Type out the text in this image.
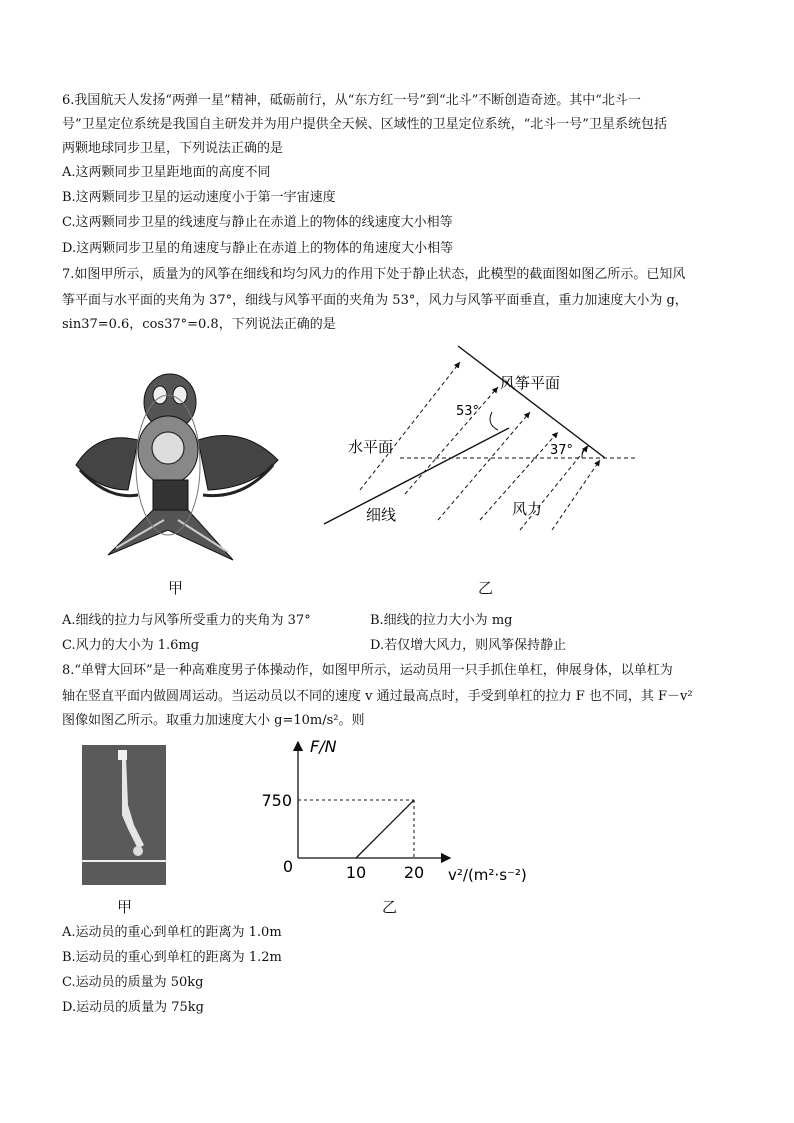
6.我国航天人发扬“两弹一星”精神，砥砺前行，从“东方红一号”到“北斗”不断创造奇迹。其中“北斗一
号”卫星定位系统是我国自主研发并为用户提供全天候、区域性的卫星定位系统，“北斗一号”卫星系统包括
两颗地球同步卫星，下列说法正确的是
A.这两颗同步卫星距地面的高度不同
B.这两颗同步卫星的运动速度小于第一宇宙速度
C.这两颗同步卫星的线速度与静止在赤道上的物体的线速度大小相等
D.这两颗同步卫星的角速度与静止在赤道上的物体的角速度大小相等
7.如图甲所示，质量为的风筝在细线和均匀风力的作用下处于静止状态，此模型的截面图如图乙所示。已知风
筝平面与水平面的夹角为 37°，细线与风筝平面的夹角为 53°，风力与风筝平面垂直，重力加速度大小为 g，
sin37=0.6，cos37°=0.8，下列说法正确的是
甲
风筝平面
53°
水平面	37°
细线	风力
乙
A.细线的拉力与风筝所受重力的夹角为 37°	B.细线的拉力大小为 mg
C.风力的大小为 1.6mg	D.若仅增大风力，则风筝保持静止
8.“单臂大回环”是一种高难度男子体操动作，如图甲所示，运动员用一只手抓住单杠，伸展身体，以单杠为
轴在竖直平面内做圆周运动。当运动员以不同的速度 v 通过最高点时，手受到单杠的拉力 F 也不同，其 F－v²
图像如图乙所示。取重力加速度大小 g=10m/s²。则
甲
F/N
v²/(m²·s⁻²)
0	10 20
750
乙
A.运动员的重心到单杠的距离为 1.0m
B.运动员的重心到单杠的距离为 1.2m
C.运动员的质量为 50kg
D.运动员的质量为 75kg
